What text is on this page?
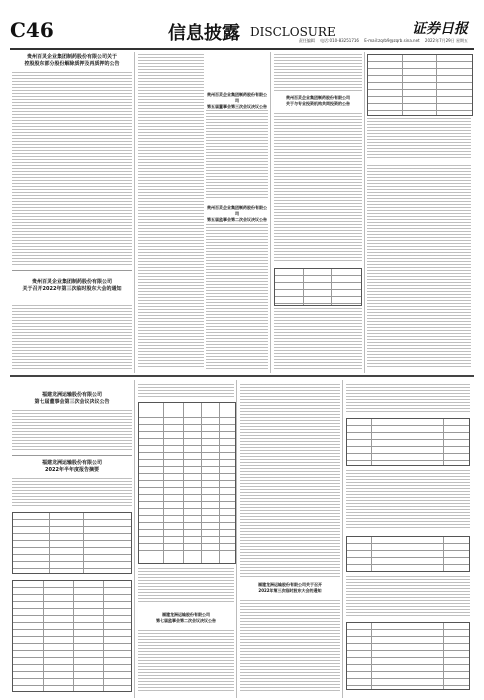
C46	信息披露 DISCLOSURE	证券日报
责任编辑 电话:010-83251716 E-mail:zqrb9@zqrb.sina.net 2022年7月29日 星期五
贵州百灵企业集团制药股份有限公司关于
控股股东部分股份解除质押及再质押的公告
贵州百灵企业集团制药股份有限公司
关于召开2022年第三次临时股东大会的通知
贵州百灵企业集团制药股份有限公司
第五届董事会第三次会议决议公告
贵州百灵企业集团制药股份有限公司
第五届监事会第二次会议决议公告
贵州百灵企业集团制药股份有限公司
关于与专业投资机构共同投资的公告
福建龙洲运输股份有限公司
第七届董事会第三次会议决议公告
福建龙洲运输股份有限公司
2022年半年度报告摘要
福建龙洲运输股份有限公司
第七届监事会第二次会议决议公告
福建龙洲运输股份有限公司关于召开
2022年第三次临时股东大会的通知
